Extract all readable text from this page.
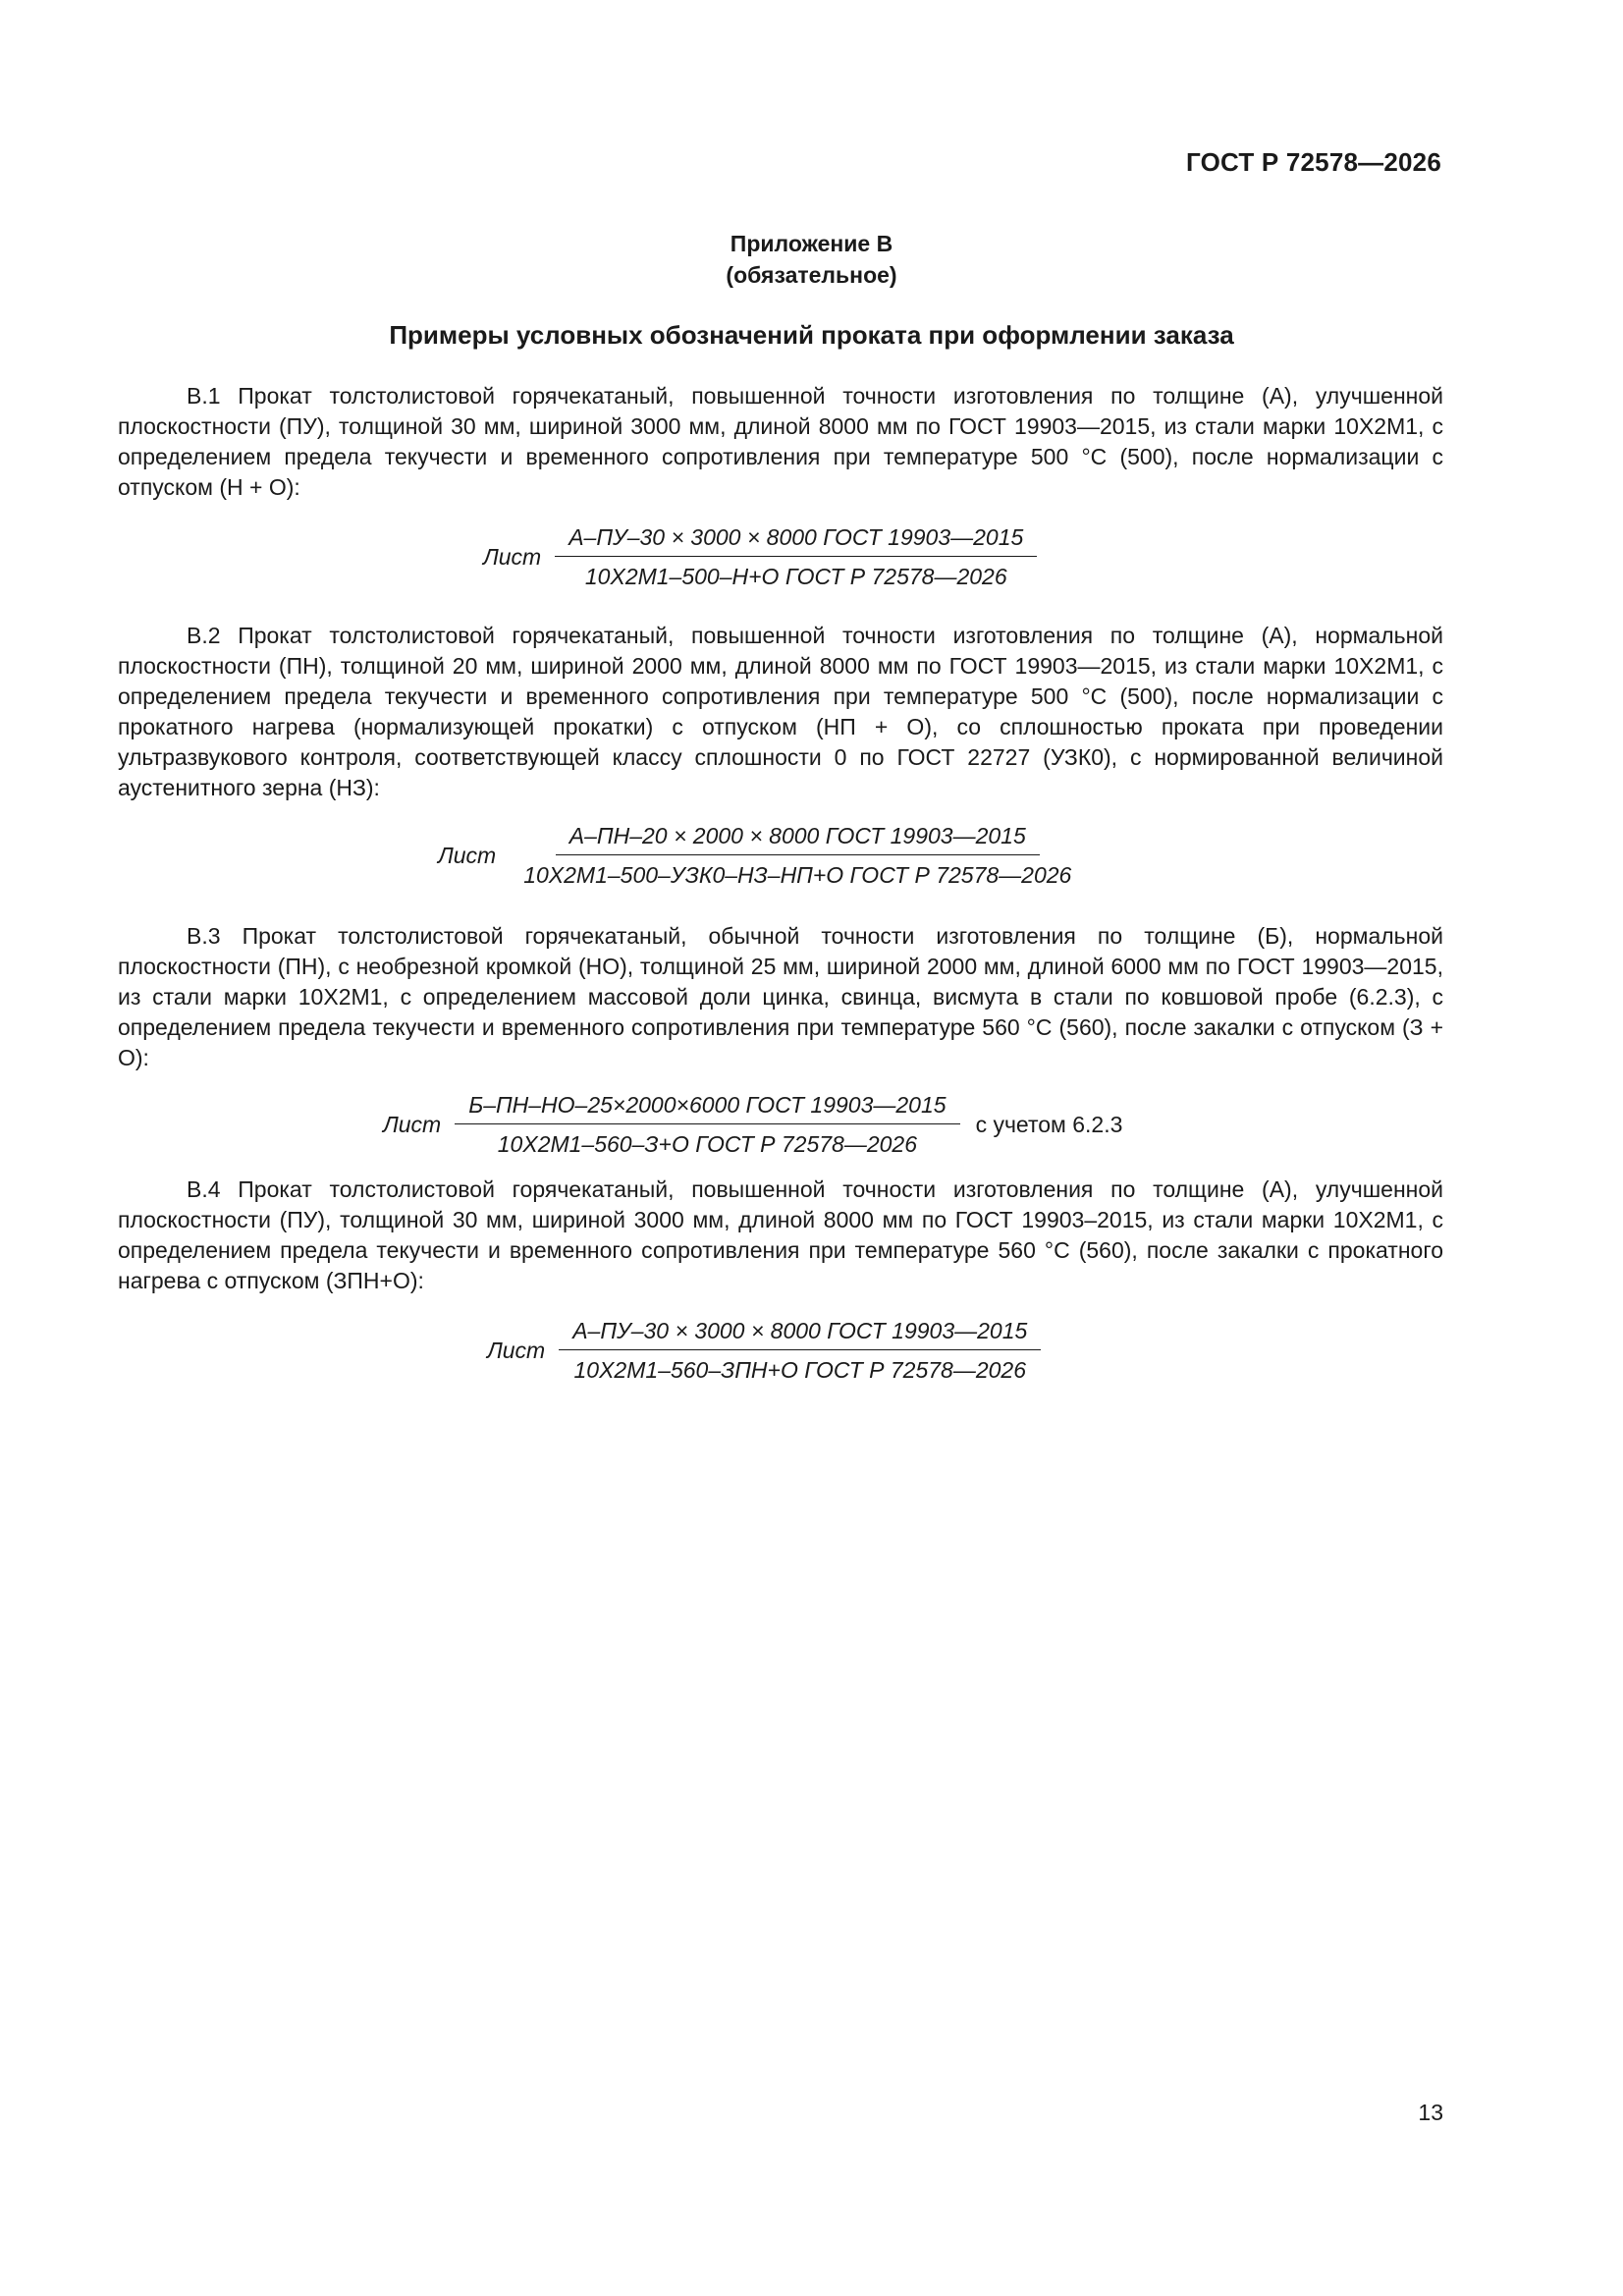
ГОСТ Р 72578—2026
Приложение В
(обязательное)
Примеры условных обозначений проката при оформлении заказа

В.1 Прокат толстолистовой горячекатаный, повышенной точности изготовления по толщине (А), улучшенной плоскостности (ПУ), толщиной 30 мм, шириной 3000 мм, длиной 8000 мм по ГОСТ 19903—2015, из стали марки 10Х2М1, с определением предела текучести и временного сопротивления при температуре 500 °С (500), после нормализации с отпуском (Н + О):

Лист $\frac{\text{А–ПУ–30 × 3000 × 8000 ГОСТ 19903—2015}}{\text{10Х2М1–500–Н+О ГОСТ Р 72578—2026}}$

В.2 Прокат толстолистовой горячекатаный, повышенной точности изготовления по толщине (А), нормальной плоскостности (ПН), толщиной 20 мм, шириной 2000 мм, длиной 8000 мм по ГОСТ 19903—2015, из стали марки 10Х2М1, с определением предела текучести и временного сопротивления при температуре 500 °С (500), после нормализации с прокатного нагрева (нормализующей прокатки) с отпуском (НП + О), со сплошностью проката при проведении ультразвукового контроля, соответствующей классу сплошности 0 по ГОСТ 22727 (УЗК0), с нормированной величиной аустенитного зерна (НЗ):

Лист $\frac{\text{А–ПН–20 × 2000 × 8000 ГОСТ 19903—2015}}{\text{10Х2М1–500–УЗК0–НЗ–НП+О ГОСТ Р 72578—2026}}$

В.3 Прокат толстолистовой горячекатаный, обычной точности изготовления по толщине (Б), нормальной плоскостности (ПН), с необрезной кромкой (НО), толщиной 25 мм, шириной 2000 мм, длиной 6000 мм по ГОСТ 19903—2015, из стали марки 10Х2М1, с определением массовой доли цинка, свинца, висмута в стали по ковшовой пробе (6.2.3), с определением предела текучести и временного сопротивления при температуре 560 °С (560), после закалки с отпуском (З + О):

Лист $\frac{\text{Б–ПН–НО–25×2000×6000 ГОСТ 19903—2015}}{\text{10Х2М1–560–З+О ГОСТ Р 72578—2026}}$ с учетом 6.2.3

В.4 Прокат толстолистовой горячекатаный, повышенной точности изготовления по толщине (А), улучшенной плоскостности (ПУ), толщиной 30 мм, шириной 3000 мм, длиной 8000 мм по ГОСТ 19903–2015, из стали марки 10Х2М1, с определением предела текучести и временного сопротивления при температуре 560 °С (560), после закалки с прокатного нагрева с отпуском (ЗПН+О):

Лист $\frac{\text{А–ПУ–30 × 3000 × 8000 ГОСТ 19903—2015}}{\text{10Х2М1–560–ЗПН+О ГОСТ Р 72578—2026}}$
13
